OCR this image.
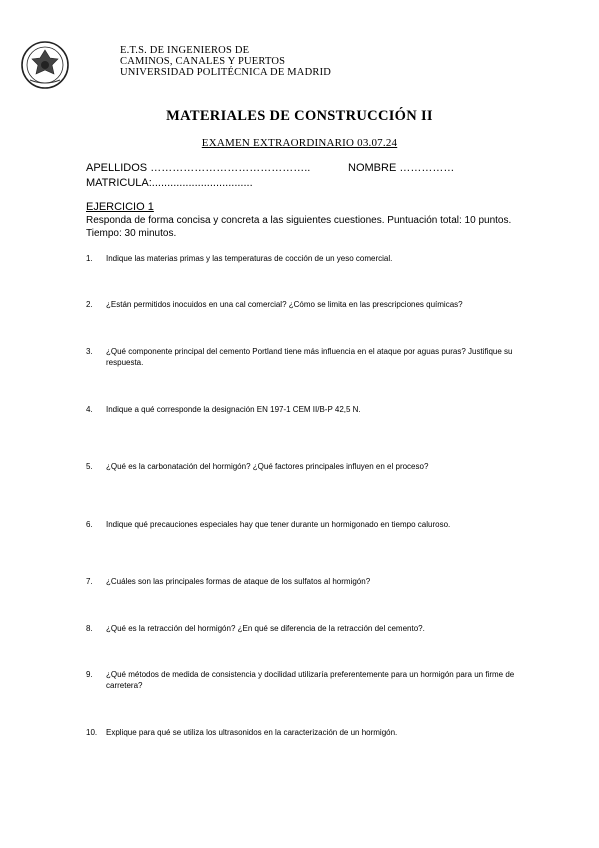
E.T.S. DE INGENIEROS DE
CAMINOS, CANALES Y PUERTOS
UNIVERSIDAD POLITÉCNICA DE MADRID
MATERIALES DE CONSTRUCCIÓN II
EXAMEN EXTRAORDINARIO 03.07.24
APELLIDOS ……………………………………..	NOMBRE ……………
MATRICULA:.................................
EJERCICIO 1
Responda de forma concisa y concreta a las siguientes cuestiones. Puntuación total: 10 puntos. Tiempo: 30 minutos.
1.	Indique las materias primas y las temperaturas de cocción de un yeso comercial.
2.	¿Están permitidos inocuidos en una cal comercial? ¿Cómo se limita en las prescripciones químicas?
3.	¿Qué componente principal del cemento Portland tiene más influencia en el ataque por aguas puras? Justifique su respuesta.
4.	Indique a qué corresponde la designación EN 197-1 CEM II/B-P 42,5 N.
5.	¿Qué es la carbonatación del hormigón? ¿Qué factores principales influyen en el proceso?
6.	Indique qué precauciones especiales hay que tener durante un hormigonado en tiempo caluroso.
7.	¿Cuáles son las principales formas de ataque de los sulfatos al hormigón?
8.	¿Qué es la retracción del hormigón? ¿En qué se diferencia de la retracción del cemento?.
9.	¿Qué métodos de medida de consistencia y docilidad utilizaría preferentemente para un hormigón para un firme de carretera?
10.	Explique para qué se utiliza los ultrasonidos en la caracterización de un hormigón.
